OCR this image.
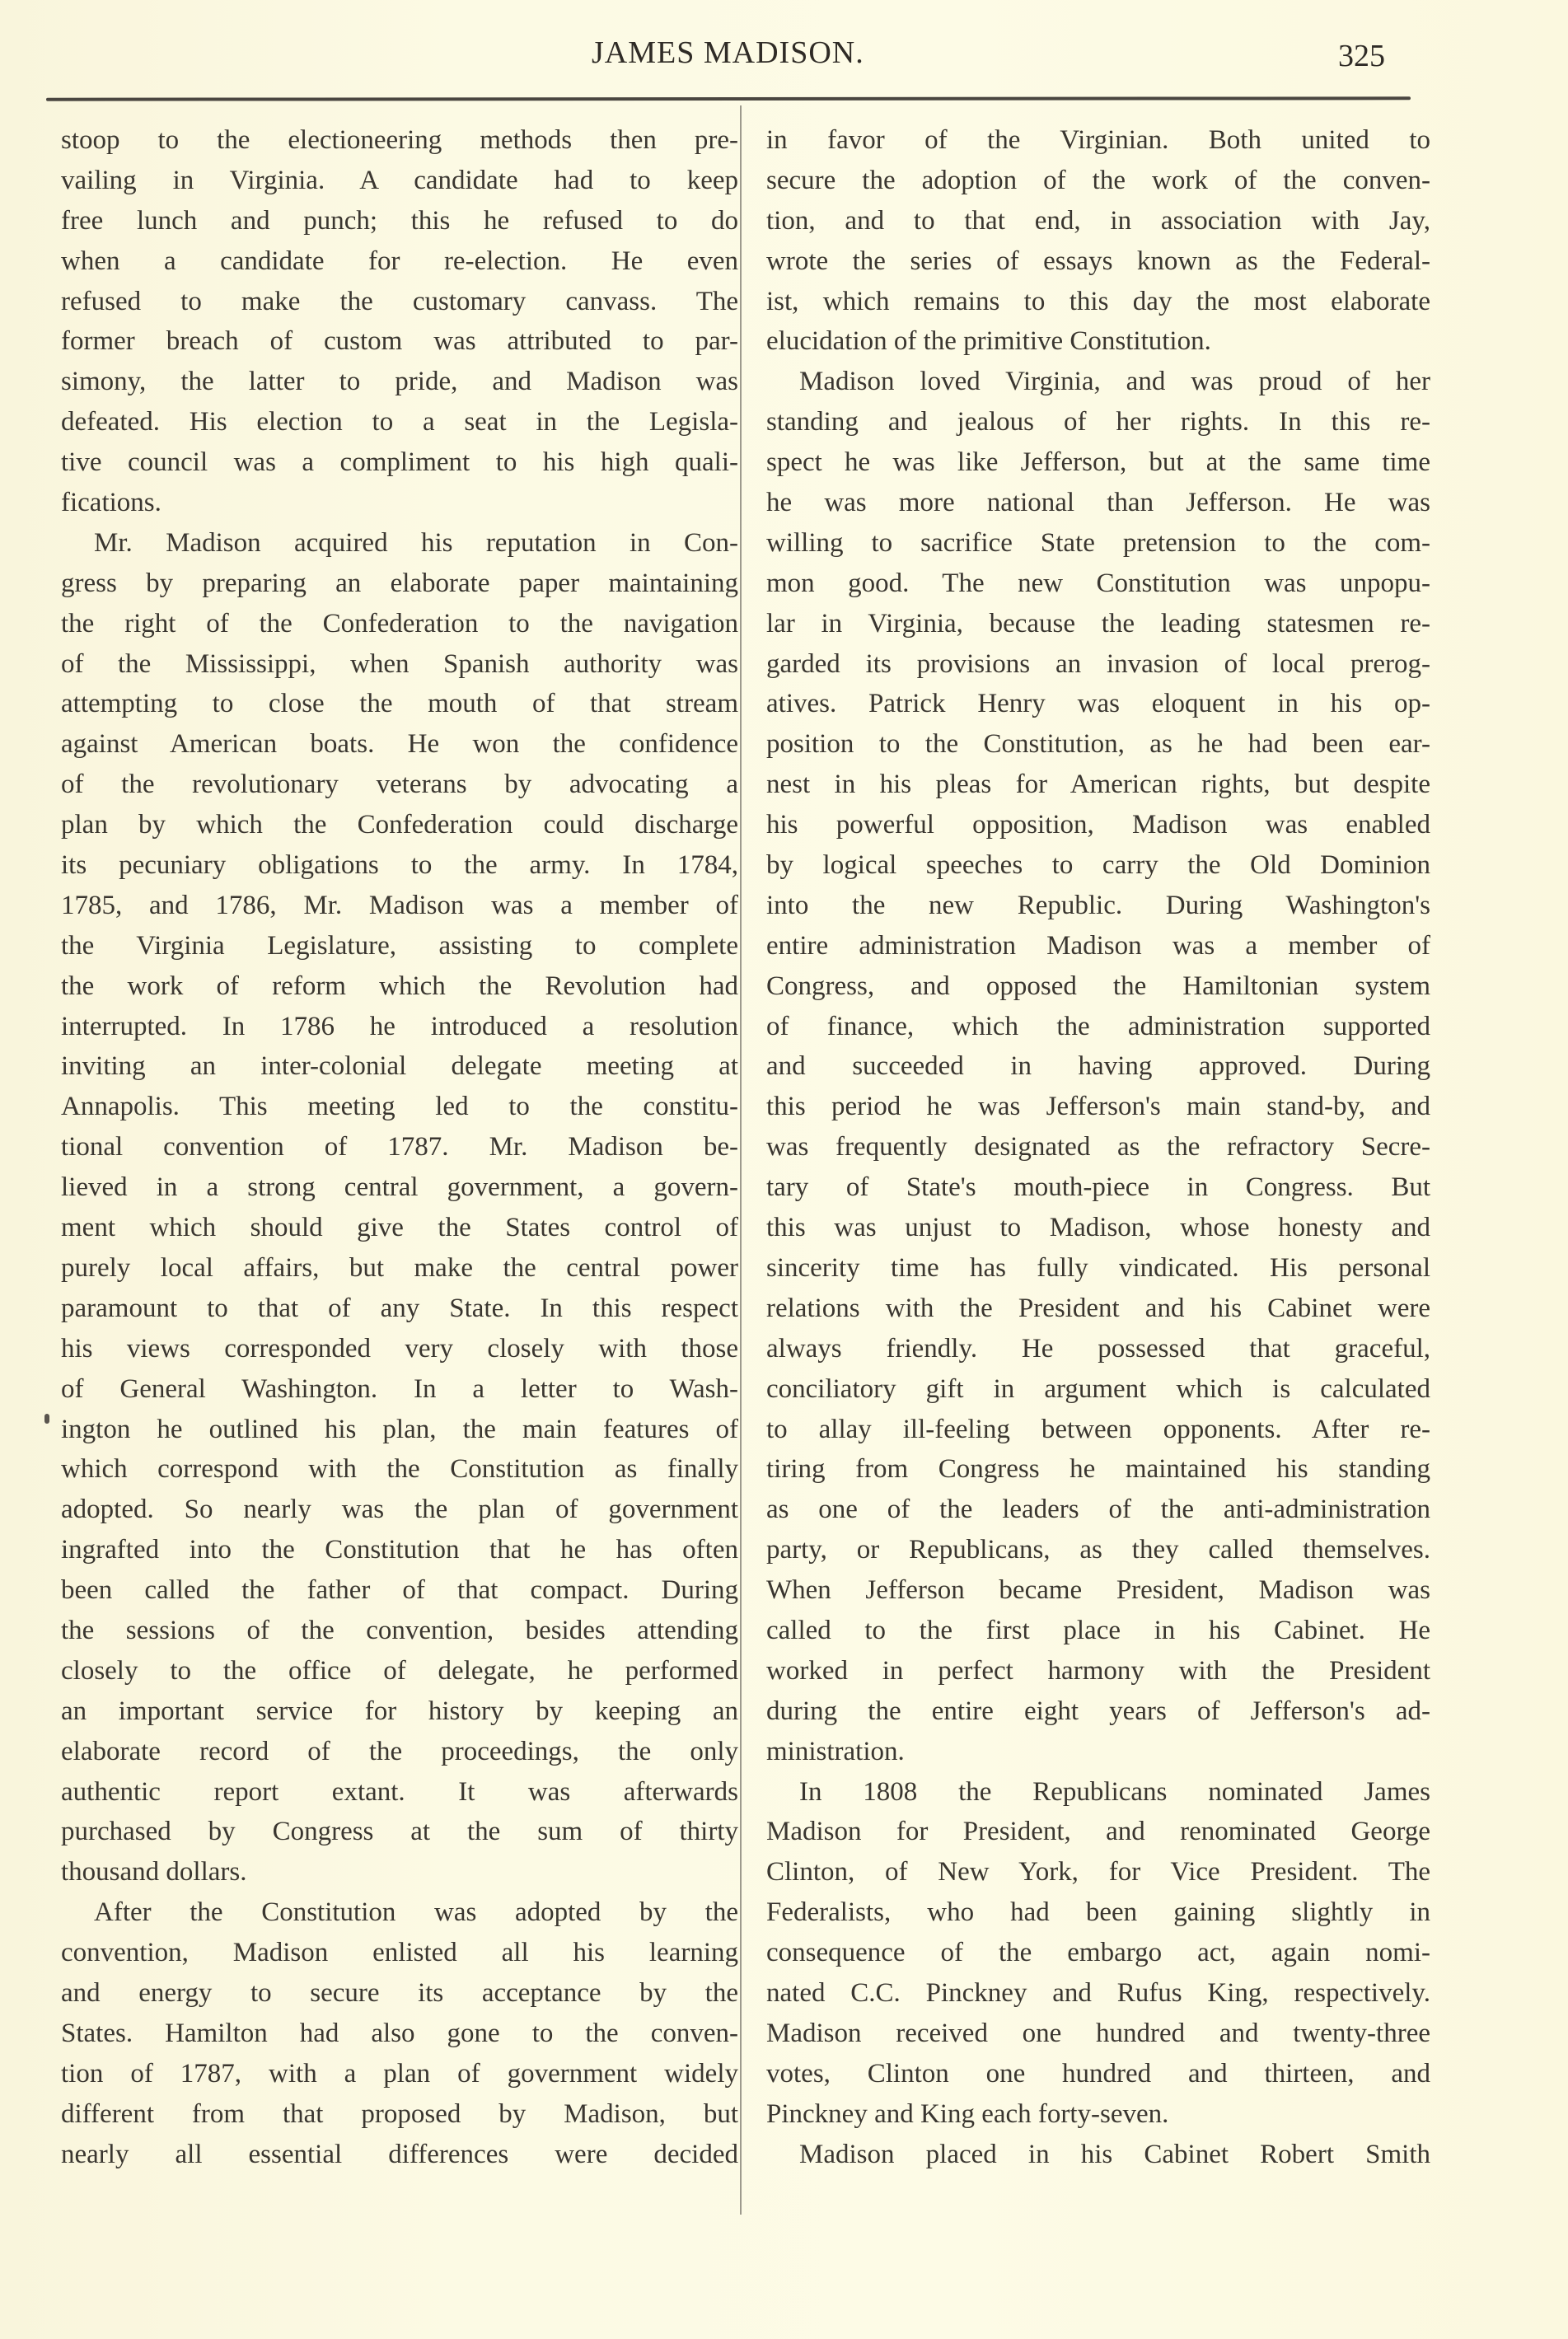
JAMES MADISON.	325
stoop to the electioneering methods then pre-
vailing in Virginia. A candidate had to keep
free lunch and punch; this he refused to do
when a candidate for re-election. He even
refused to make the customary canvass. The
former breach of custom was attributed to par-
simony, the latter to pride, and Madison was
defeated. His election to a seat in the Legisla-
tive council was a compliment to his high quali-
fications.
Mr. Madison acquired his reputation in Con-
gress by preparing an elaborate paper maintaining
the right of the Confederation to the navigation
of the Mississippi, when Spanish authority was
attempting to close the mouth of that stream
against American boats. He won the confidence
of the revolutionary veterans by advocating a
plan by which the Confederation could discharge
its pecuniary obligations to the army. In 1784,
1785, and 1786, Mr. Madison was a member of
the Virginia Legislature, assisting to complete
the work of reform which the Revolution had
interrupted. In 1786 he introduced a resolution
inviting an inter-colonial delegate meeting at
Annapolis. This meeting led to the constitu-
tional convention of 1787. Mr. Madison be-
lieved in a strong central government, a govern-
ment which should give the States control of
purely local affairs, but make the central power
paramount to that of any State. In this respect
his views corresponded very closely with those
of General Washington. In a letter to Wash-
ington he outlined his plan, the main features of
which correspond with the Constitution as finally
adopted. So nearly was the plan of government
ingrafted into the Constitution that he has often
been called the father of that compact. During
the sessions of the convention, besides attending
closely to the office of delegate, he performed
an important service for history by keeping an
elaborate record of the proceedings, the only
authentic report extant. It was afterwards
purchased by Congress at the sum of thirty
thousand dollars.
After the Constitution was adopted by the
convention, Madison enlisted all his learning
and energy to secure its acceptance by the
States. Hamilton had also gone to the conven-
tion of 1787, with a plan of government widely
different from that proposed by Madison, but
nearly all essential differences were decided
in favor of the Virginian. Both united to
secure the adoption of the work of the conven-
tion, and to that end, in association with Jay,
wrote the series of essays known as the Federal-
ist, which remains to this day the most elaborate
elucidation of the primitive Constitution.
Madison loved Virginia, and was proud of her
standing and jealous of her rights. In this re-
spect he was like Jefferson, but at the same time
he was more national than Jefferson. He was
willing to sacrifice State pretension to the com-
mon good. The new Constitution was unpopu-
lar in Virginia, because the leading statesmen re-
garded its provisions an invasion of local prerog-
atives. Patrick Henry was eloquent in his op-
position to the Constitution, as he had been ear-
nest in his pleas for American rights, but despite
his powerful opposition, Madison was enabled
by logical speeches to carry the Old Dominion
into the new Republic. During Washington's
entire administration Madison was a member of
Congress, and opposed the Hamiltonian system
of finance, which the administration supported
and succeeded in having approved. During
this period he was Jefferson's main stand-by, and
was frequently designated as the refractory Secre-
tary of State's mouth-piece in Congress. But
this was unjust to Madison, whose honesty and
sincerity time has fully vindicated. His personal
relations with the President and his Cabinet were
always friendly. He possessed that graceful,
conciliatory gift in argument which is calculated
to allay ill-feeling between opponents. After re-
tiring from Congress he maintained his standing
as one of the leaders of the anti-administration
party, or Republicans, as they called themselves.
When Jefferson became President, Madison was
called to the first place in his Cabinet. He
worked in perfect harmony with the President
during the entire eight years of Jefferson's ad-
ministration.
In 1808 the Republicans nominated James
Madison for President, and renominated George
Clinton, of New York, for Vice President. The
Federalists, who had been gaining slightly in
consequence of the embargo act, again nomi-
nated C.C. Pinckney and Rufus King, respectively.
Madison received one hundred and twenty-three
votes, Clinton one hundred and thirteen, and
Pinckney and King each forty-seven.
Madison placed in his Cabinet Robert Smith
